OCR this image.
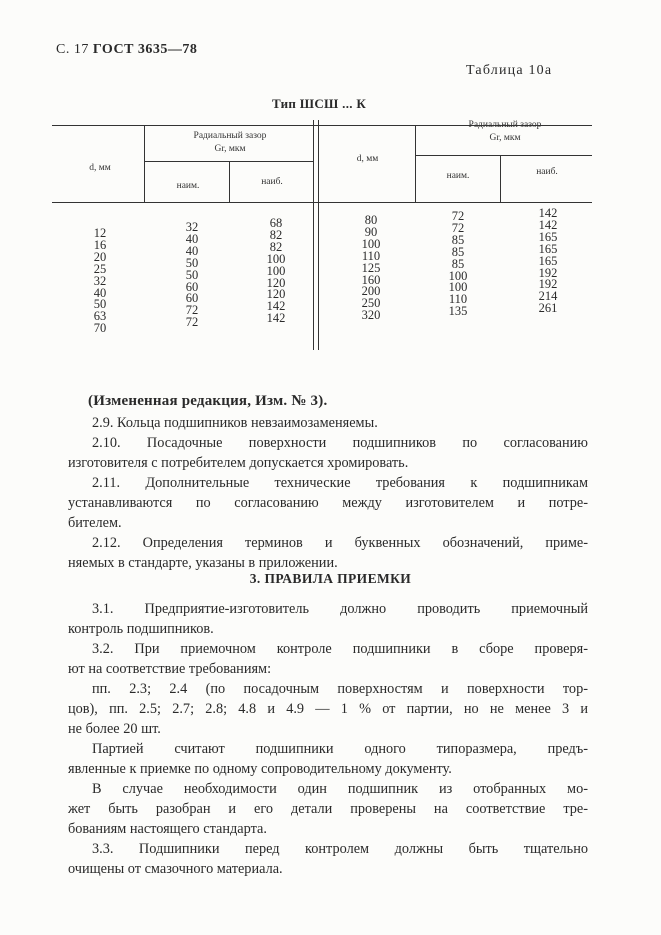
С. 17 ГОСТ 3635—78
Таблица 10а
Тип ШСШ ... К
d, мм
Радиальный зазор
Gr, мкм
наим.	наиб.
d, мм
Радиальный зазор
Gr, мкм
наим.	наиб.
12
16
20
25
32
40
50
63
70
32
40
40
50
50
60
60
72
72
68
82
82
100
100
120
120
142
142
80
90
100
110
125
160
200
250
320
72
72
85
85
85
100
100
110
135
142
142
165
165
165
192
192
214
261
(Измененная редакция, Изм. № 3).
2.9. Кольца подшипников невзаимозаменяемы.
2.10. Посадочные поверхности подшипников по согласованию
изготовителя с потребителем допускается хромировать.
2.11. Дополнительные технические требования к подшипникам
устанавливаются по согласованию между изготовителем и потре-
бителем.
2.12. Определения терминов и буквенных обозначений, приме-
няемых в стандарте, указаны в приложении.
3. ПРАВИЛА ПРИЕМКИ
3.1. Предприятие-изготовитель должно проводить приемочный
контроль подшипников.
3.2. При приемочном контроле подшипники в сборе проверя-
ют на соответствие требованиям:
пп. 2.3; 2.4 (по посадочным поверхностям и поверхности тор-
цов), пп. 2.5; 2.7; 2.8; 4.8 и 4.9 — 1 % от партии, но не менее 3 и
не более 20 шт.
Партией считают подшипники одного типоразмера, предъ-
явленные к приемке по одному сопроводительному документу.
В случае необходимости один подшипник из отобранных мо-
жет быть разобран и его детали проверены на соответствие тре-
бованиям настоящего стандарта.
3.3. Подшипники перед контролем должны быть тщательно
очищены от смазочного материала.
